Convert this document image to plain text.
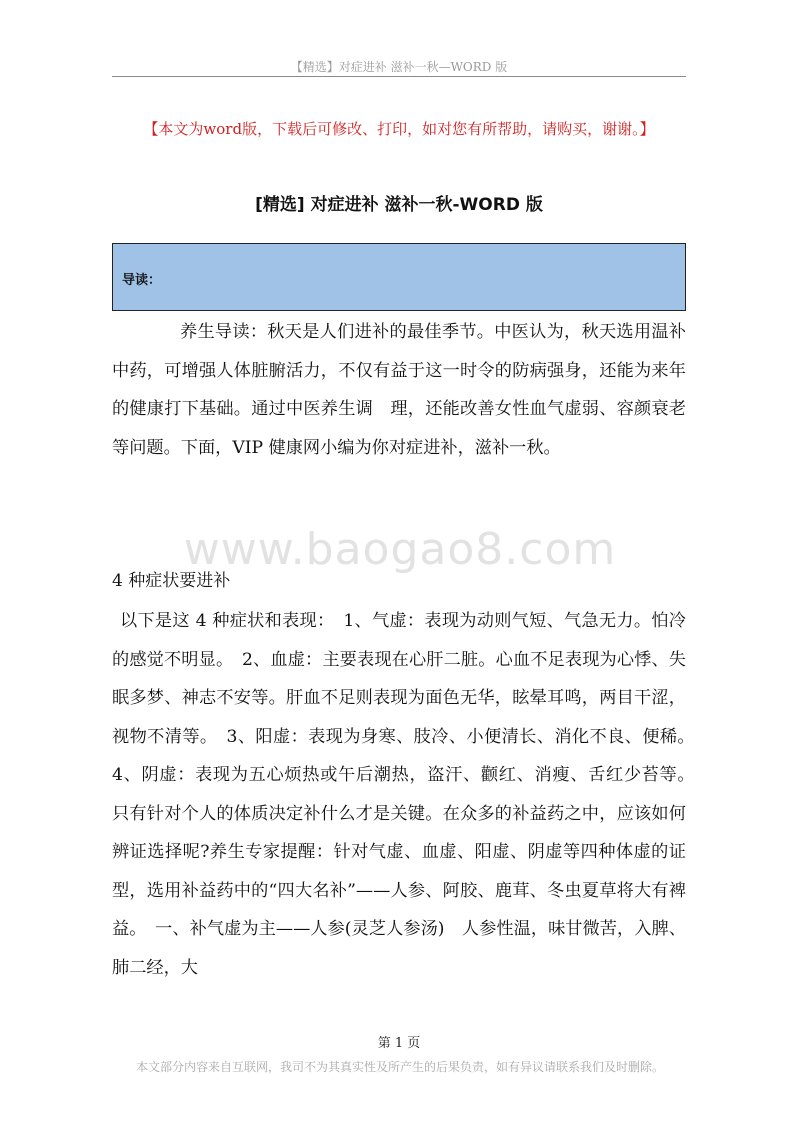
【精选】对症进补 滋补一秋—WORD 版
【本文为word版，下载后可修改、打印，如对您有所帮助，请购买，谢谢。】
[精选] 对症进补 滋补一秋-WORD 版
导读：

养生导读：秋天是人们进补的最佳季节。中医认为，秋天选用温补中药，可增强人体脏腑活力，不仅有益于这一时令的防病强身，还能为来年的健康打下基础。通过中医养生调　理，还能改善女性血气虚弱、容颜衰老等问题。下面，VIP 健康网小编为你对症进补，滋补一秋。

www.baogao8.com
4 种症状要进补

以下是这 4 种症状和表现：　1、气虚：表现为动则气短、气急无力。怕冷的感觉不明显。　2、血虚：主要表现在心肝二脏。心血不足表现为心悸、失眠多梦、神志不安等。肝血不足则表现为面色无华，眩晕耳鸣，两目干涩，视物不清等。　3、阳虚：表现为身寒、肢冷、小便清长、消化不良、便稀。　4、阴虚：表现为五心烦热或午后潮热，盗汗、颧红、消瘦、舌红少苔等。　只有针对个人的体质决定补什么才是关键。在众多的补益药之中，应该如何辨证选择呢?养生专家提醒：针对气虚、血虚、阳虚、阴虚等四种体虚的证型，选用补益药中的“四大名补”——人参、阿胶、鹿茸、冬虫夏草将大有裨益。　一、补气虚为主——人参(灵芝人参汤)　人参性温，味甘微苦，入脾、肺二经，大

第 1 页
本文部分内容来自互联网，我司不为其真实性及所产生的后果负责，如有异议请联系我们及时删除。
